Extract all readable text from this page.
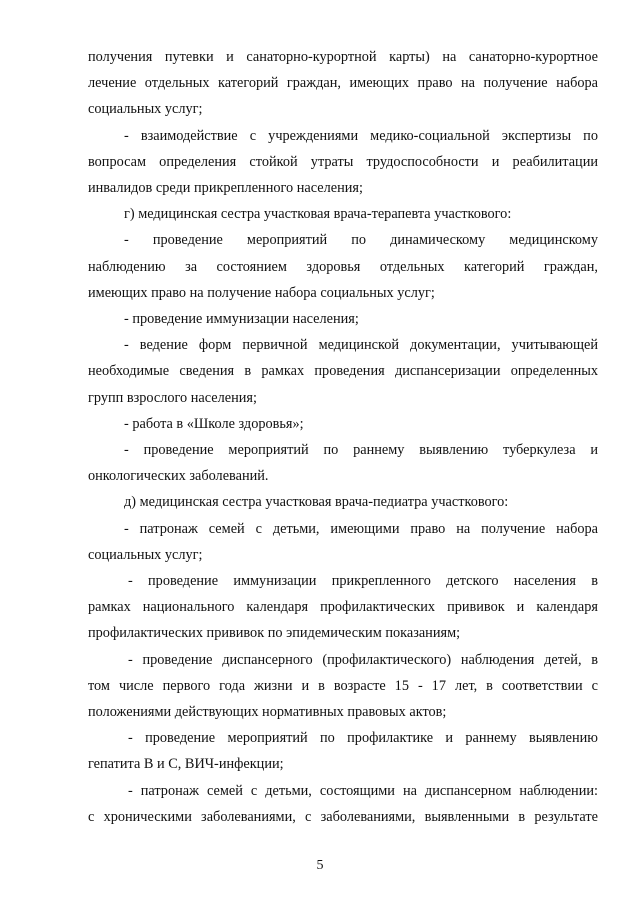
получения путевки и санаторно-курортной карты) на санаторно-курортное
лечение отдельных категорий граждан, имеющих право на получение набора
социальных услуг;

- взаимодействие с учреждениями медико-социальной экспертизы по
вопросам определения стойкой утраты трудоспособности и реабилитации
инвалидов среди прикрепленного населения;

г) медицинская сестра участковая врача-терапевта участкового:

- проведение мероприятий по динамическому медицинскому
наблюдению за состоянием здоровья отдельных категорий граждан,
имеющих право на получение набора социальных услуг;

- проведение иммунизации населения;

- ведение форм первичной медицинской документации, учитывающей
необходимые сведения в рамках проведения диспансеризации определенных
групп взрослого населения;

- работа в «Школе здоровья»;

- проведение мероприятий по раннему выявлению туберкулеза и
онкологических заболеваний.

д) медицинская сестра участковая врача-педиатра участкового:

- патронаж семей с детьми, имеющими право на получение набора
социальных услуг;

- проведение иммунизации прикрепленного детского населения в
рамках национального календаря профилактических прививок и календаря
профилактических прививок по эпидемическим показаниям;

- проведение диспансерного (профилактического) наблюдения детей, в
том числе первого года жизни и в возрасте 15 - 17 лет, в соответствии с
положениями действующих нормативных правовых актов;

- проведение мероприятий по профилактике и раннему выявлению
гепатита В и С, ВИЧ-инфекции;

- патронаж семей с детьми, состоящими на диспансерном наблюдении:
с хроническими заболеваниями, с заболеваниями, выявленными в результате

5
